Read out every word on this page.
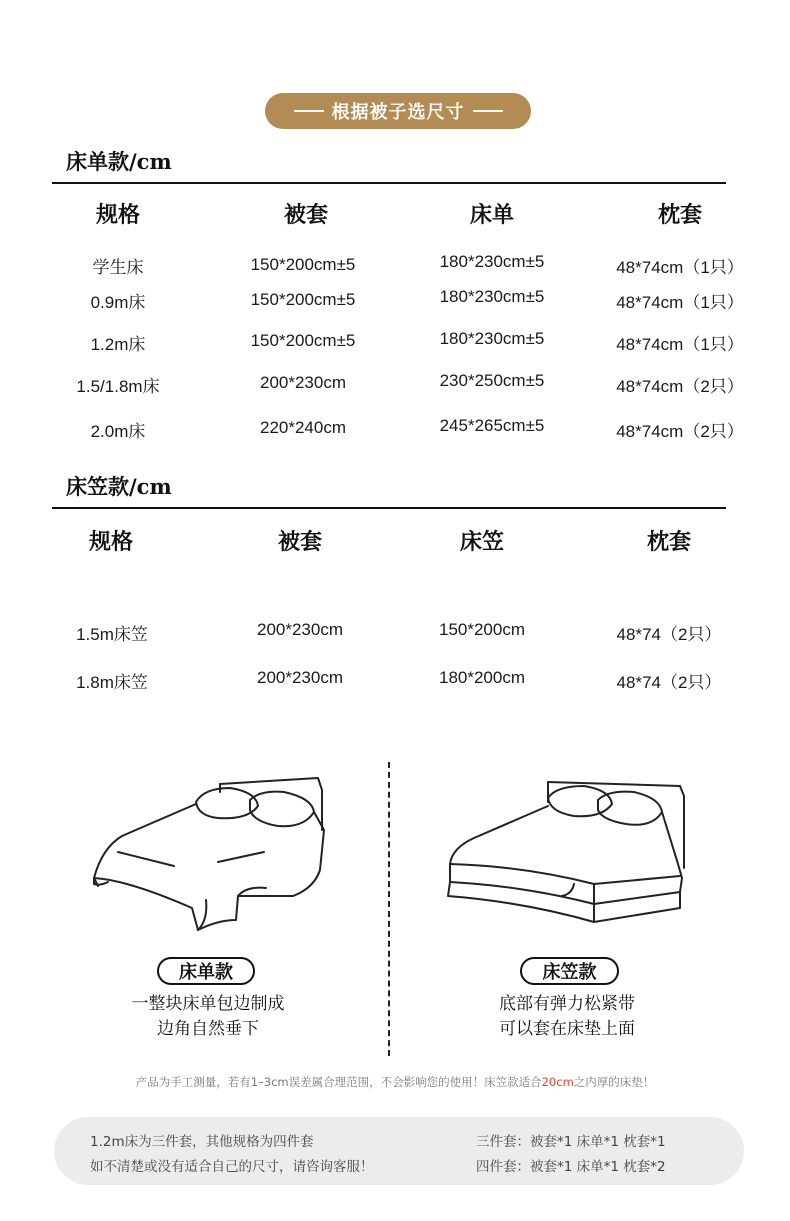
根据被子选尺寸
床单款/cm
规格	被套	床单	枕套
学生床	150*200cm±5	180*230cm±5	48*74cm（1只）
0.9m床	150*200cm±5	180*230cm±5	48*74cm（1只）
1.2m床	150*200cm±5	180*230cm±5	48*74cm（1只）
1.5/1.8m床	200*230cm	230*250cm±5	48*74cm（2只）
2.0m床	220*240cm	245*265cm±5	48*74cm（2只）
床笠款/cm
规格	被套	床笠	枕套
1.5m床笠	200*230cm	150*200cm	48*74（2只）
1.8m床笠	200*230cm	180*200cm	48*74（2只）
床单款
一整块床单包边制成
边角自然垂下
床笠款
底部有弹力松紧带
可以套在床垫上面
产品为手工测量，若有1–3cm误差属合理范围，不会影响您的使用！床笠款适合20cm之内厚的床垫！
1.2m床为三件套，其他规格为四件套
如不清楚或没有适合自己的尺寸，请咨询客服！
三件套：被套*1 床单*1 枕套*1
四件套：被套*1 床单*1 枕套*2
